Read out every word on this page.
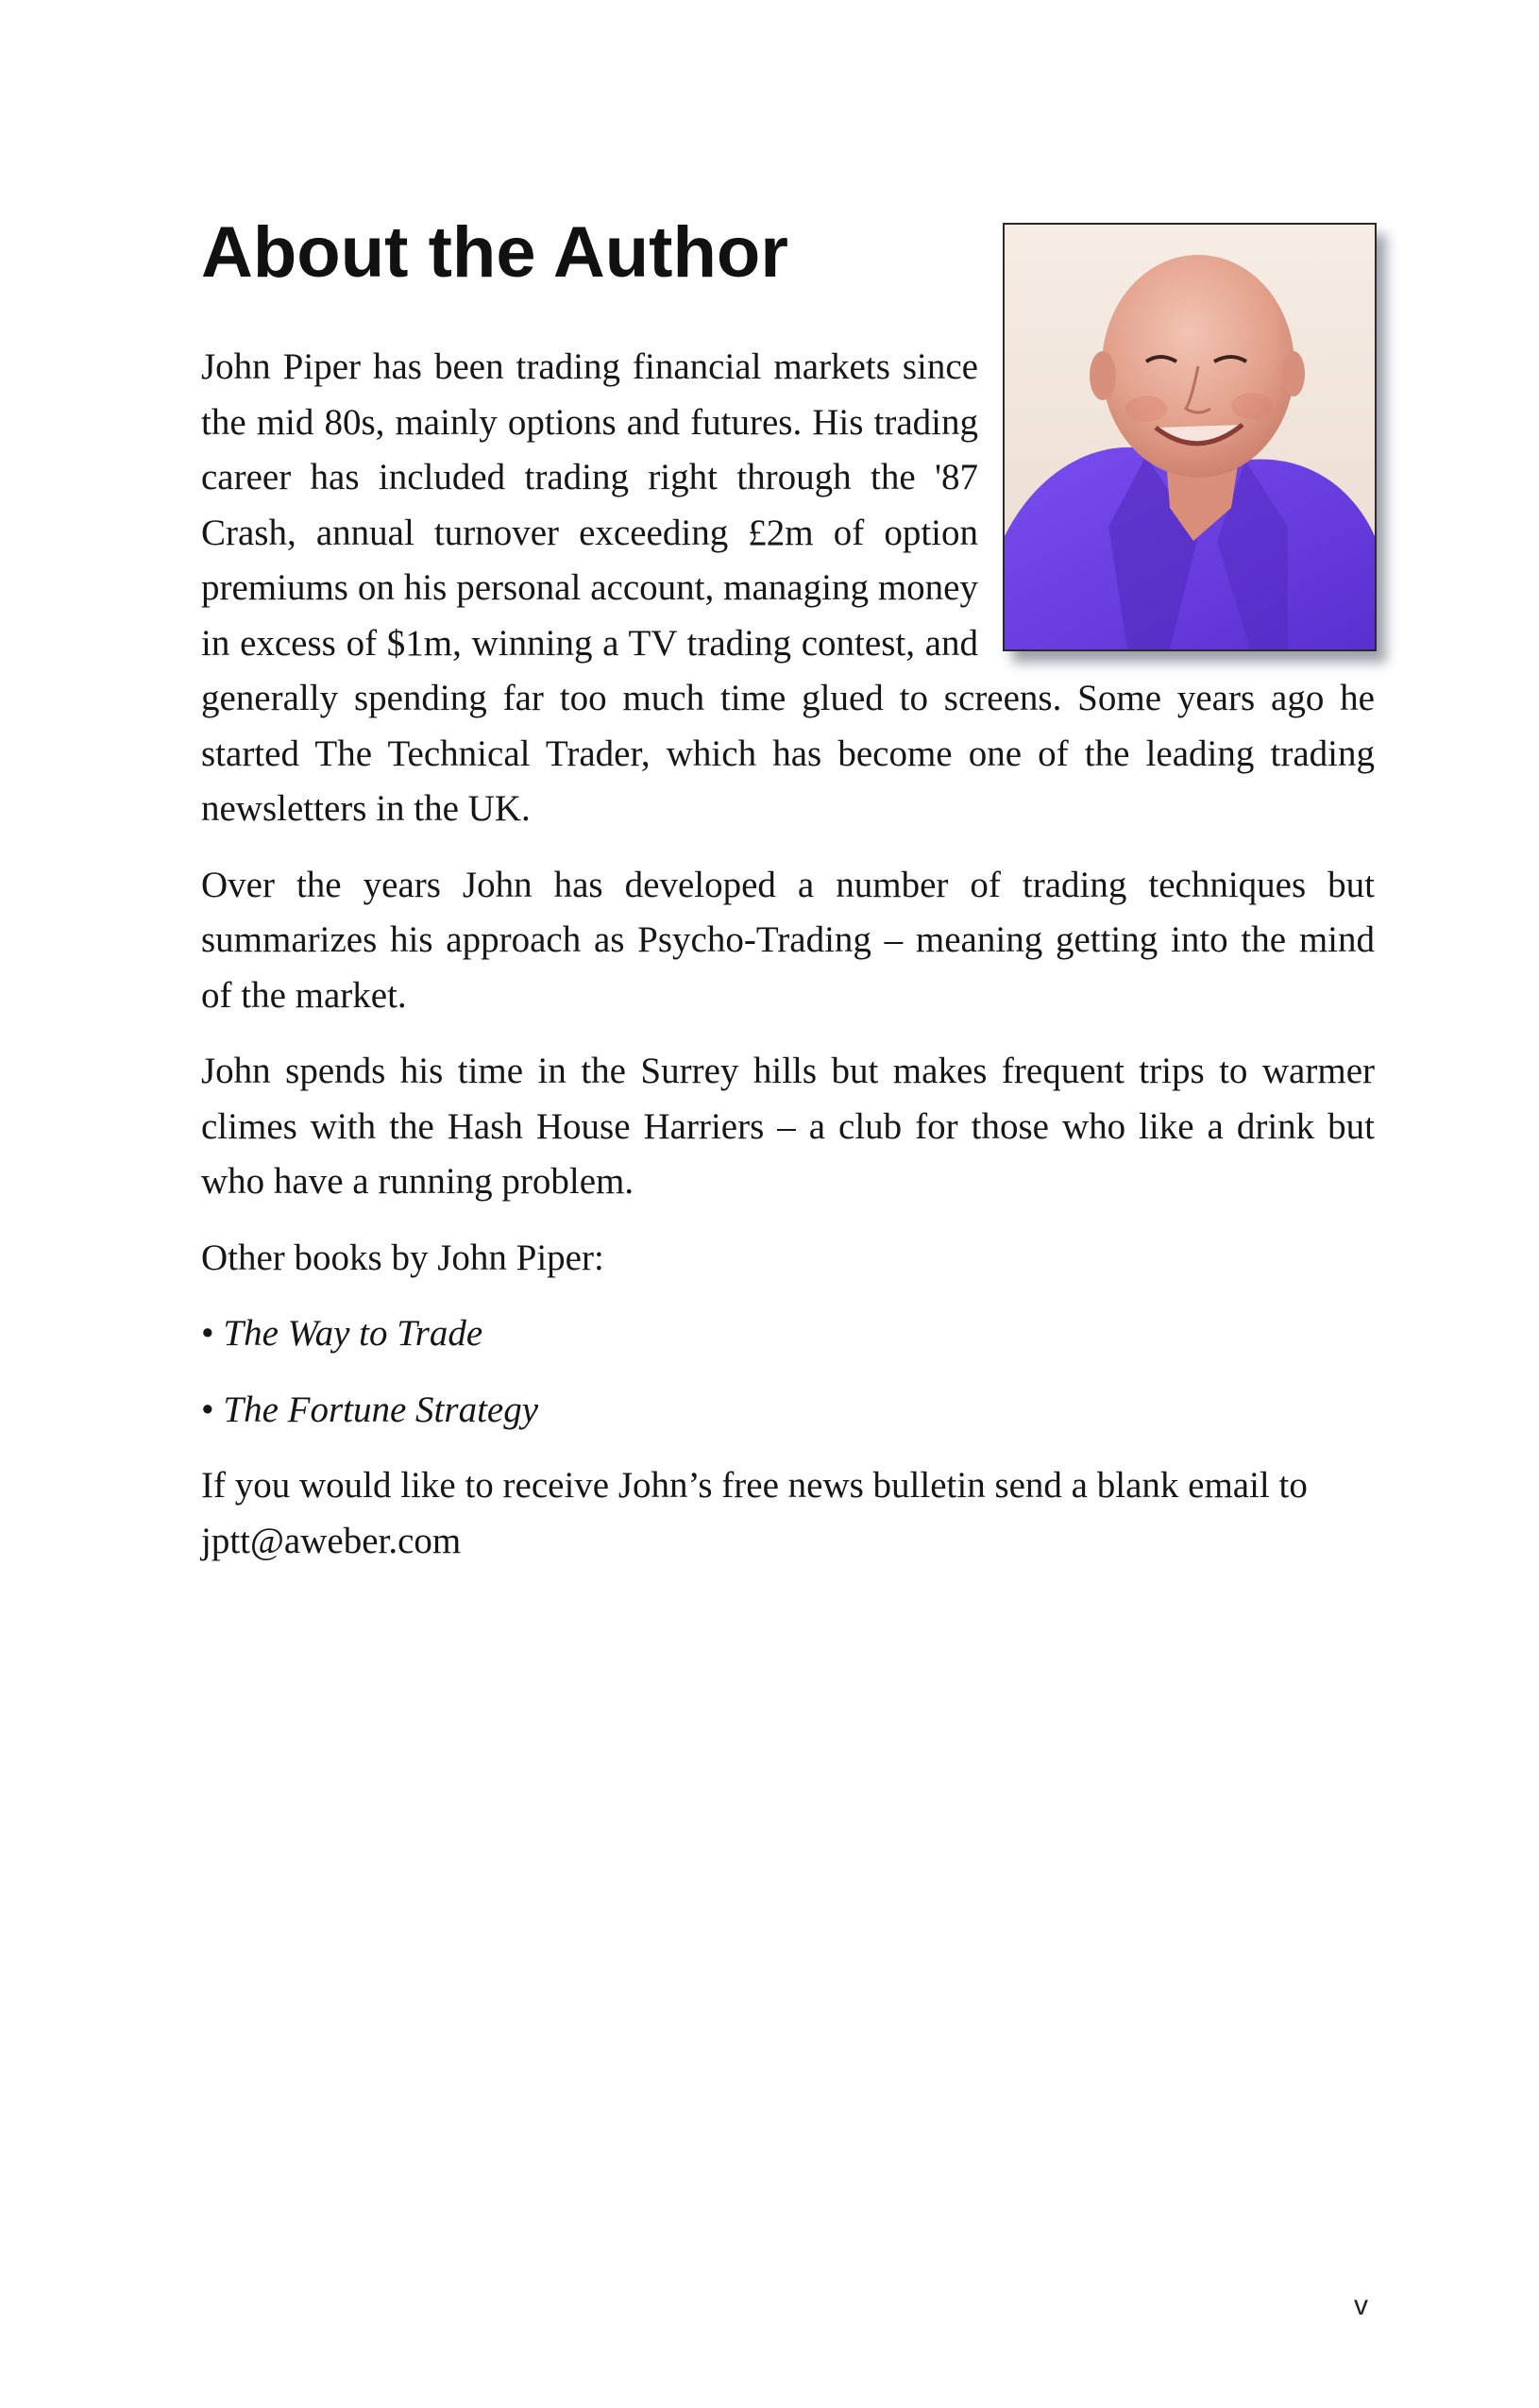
About the Author

John Piper has been trading financial markets since the mid 80s, mainly options and futures. His trading career has included trading right through the '87 Crash, annual turnover exceeding £2m of option premiums on his personal account, managing money in excess of $1m, winning a TV trading contest, and generally spending far too much time glued to screens. Some years ago he started The Technical Trader, which has become one of the leading trading newsletters in the UK.

Over the years John has developed a number of trading techniques but summarizes his approach as Psycho-Trading – meaning getting into the mind of the market.

John spends his time in the Surrey hills but makes frequent trips to warmer climes with the Hash House Harriers – a club for those who like a drink but who have a running problem.

Other books by John Piper:

• The Way to Trade

• The Fortune Strategy

If you would like to receive John’s free news bulletin send a blank email to
jptt@aweber.com

v
